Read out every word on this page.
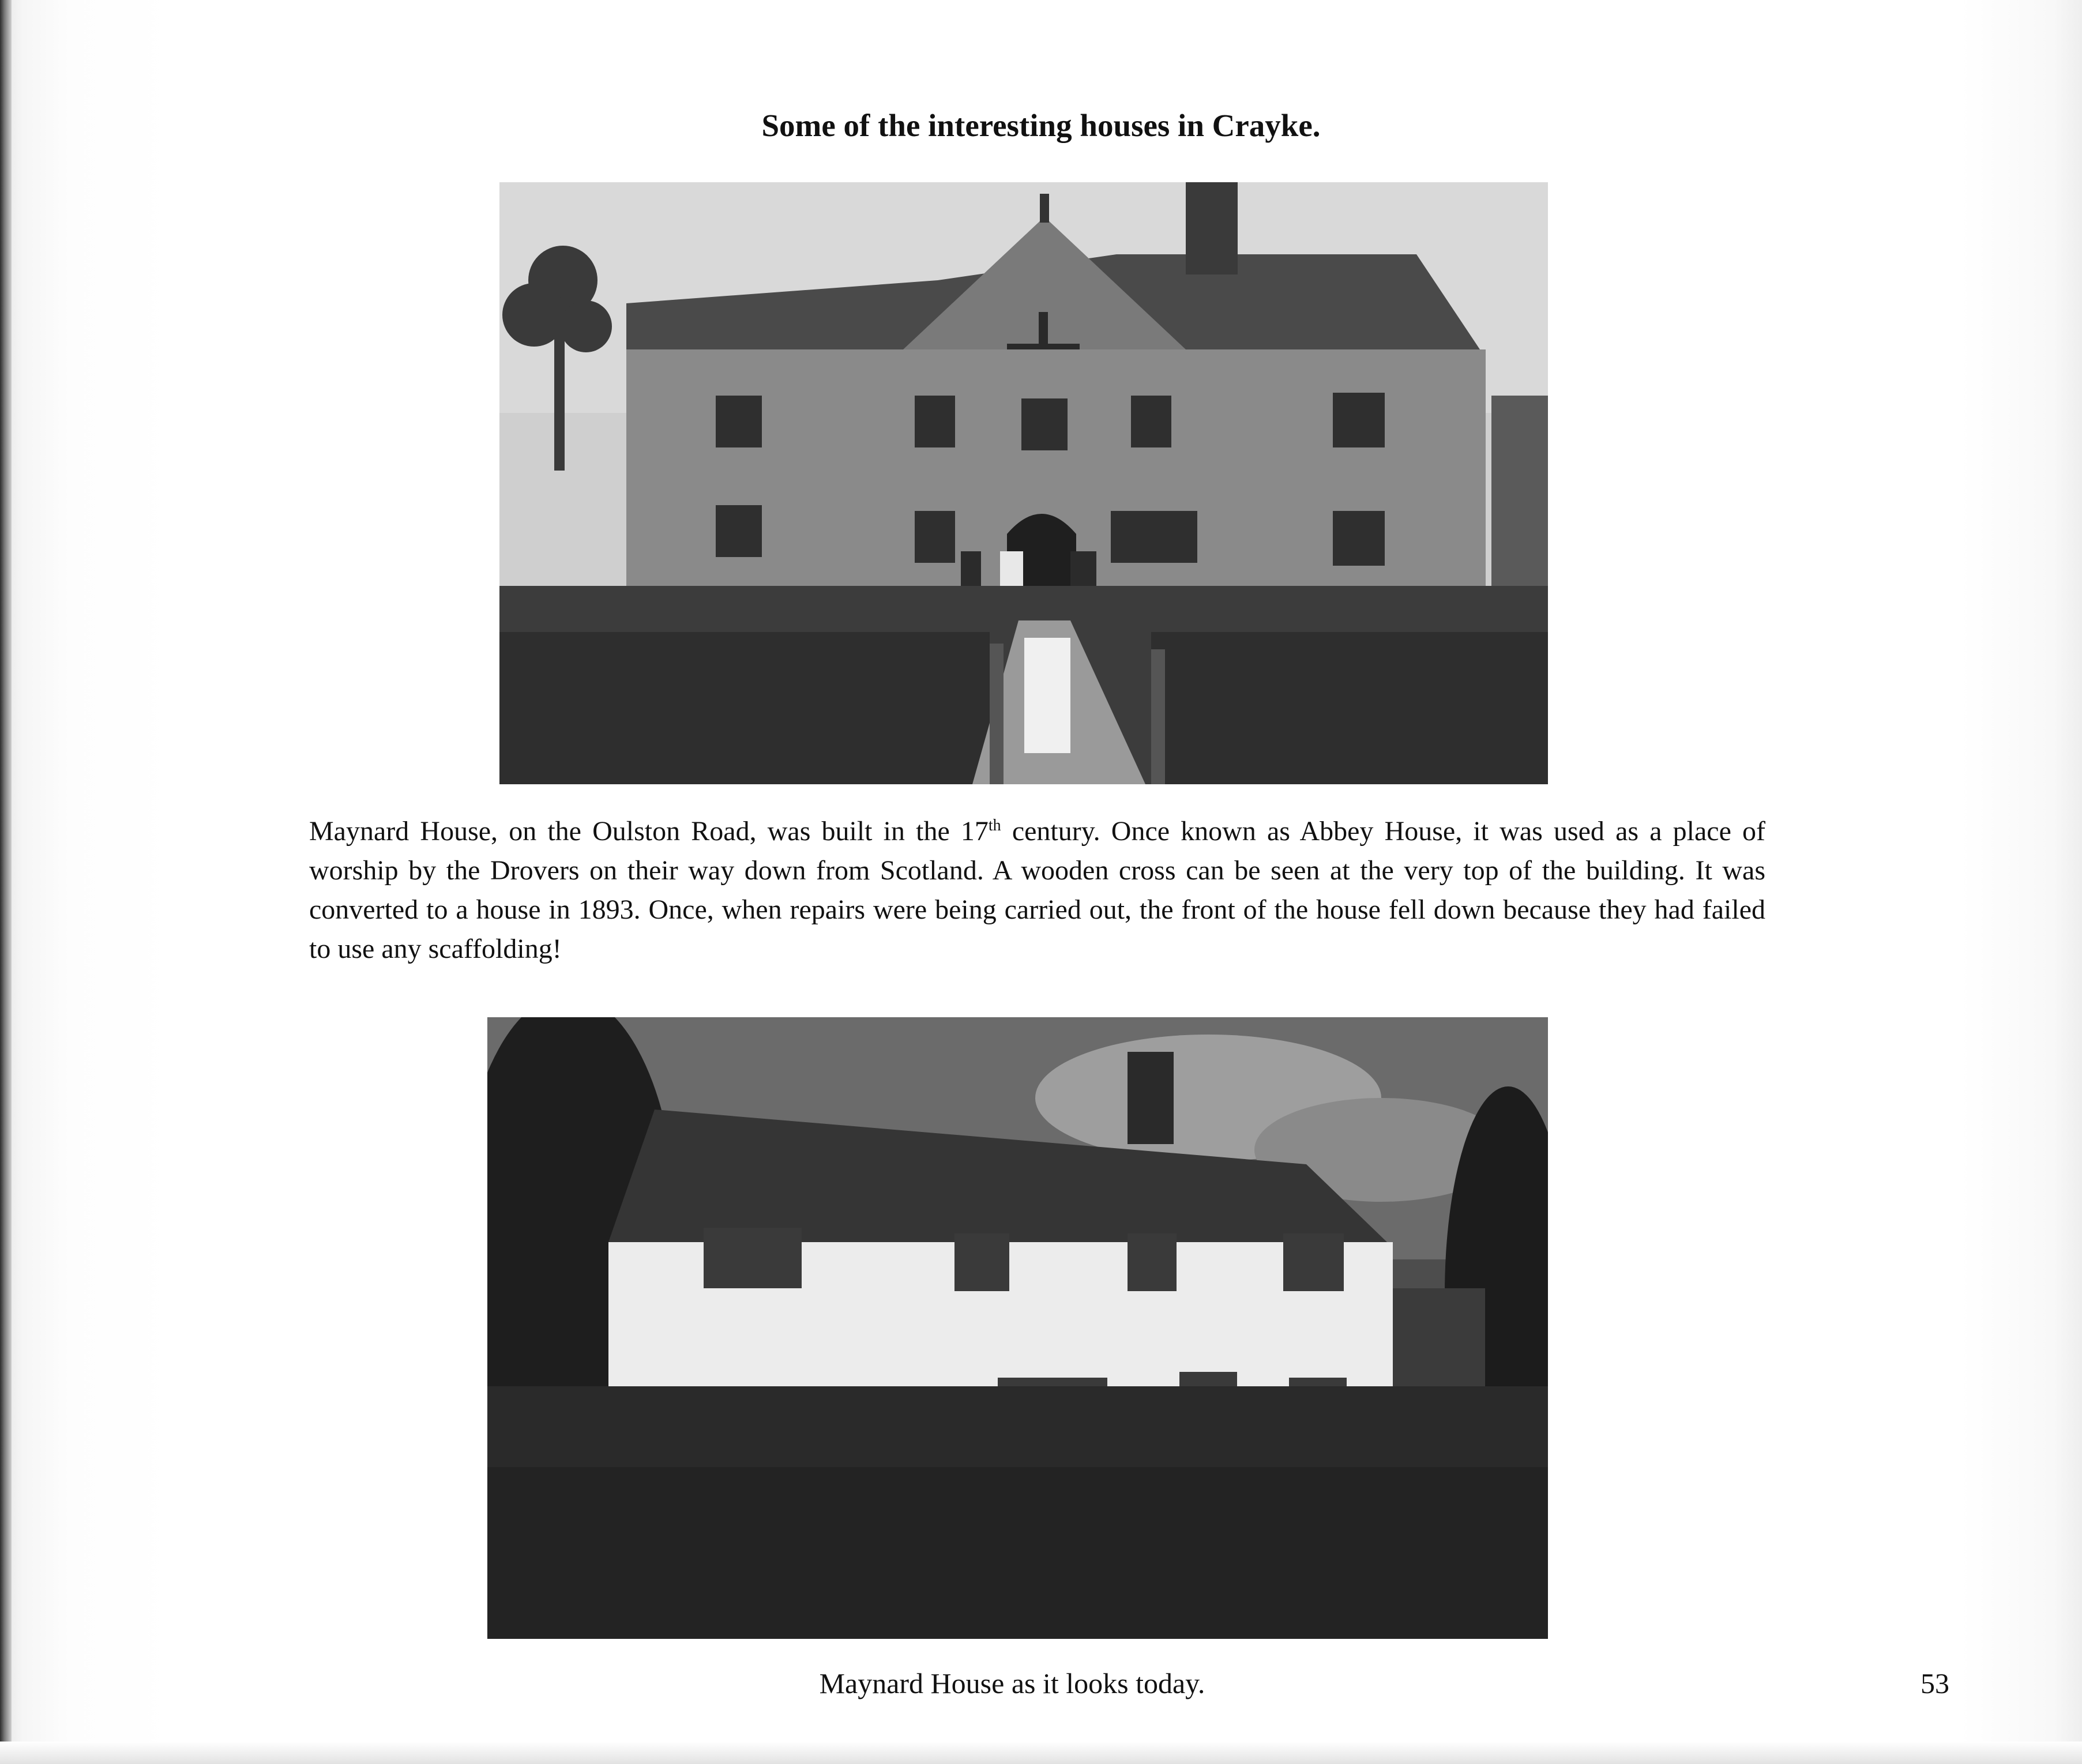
Some of the interesting houses in Crayke.
Maynard House, on the Oulston Road, was built in the 17th century. Once known as Abbey House, it was used as a place of worship by the Drovers on their way down from Scotland. A wooden cross can be seen at the very top of the building. It was converted to a house in 1893. Once, when repairs were being carried out, the front of the house fell down because they had failed to use any scaffolding!
Maynard House as it looks today.	53
